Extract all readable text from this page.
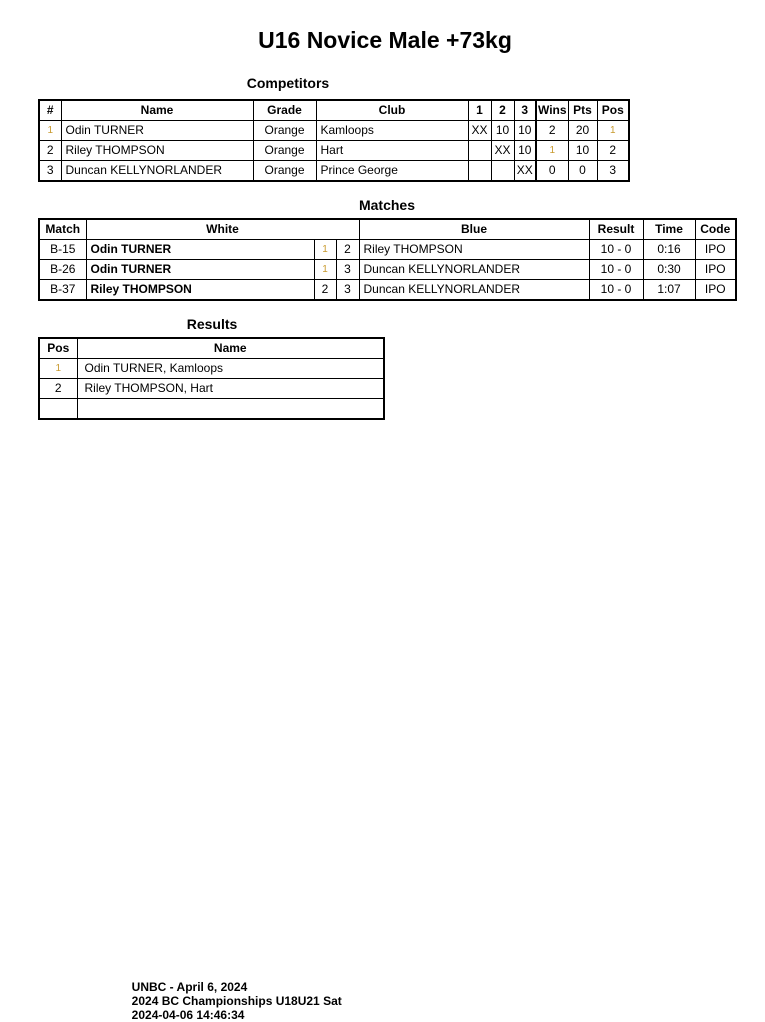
U16 Novice Male +73kg
Competitors
#	Name	Grade	Club	1	2	3	Wins	Pts	Pos
1	Odin TURNER	Orange	Kamloops	XX	10	10	2	20	1
2	Riley THOMPSON	Orange	Hart		XX	10	1	10	2
3	Duncan KELLYNORLANDER	Orange	Prince George			XX	0	0	3
Matches
Match	White			Blue	Result	Time	Code
B-15	Odin TURNER	1	2	Riley THOMPSON	10 - 0	0:16	IPO
B-26	Odin TURNER	1	3	Duncan KELLYNORLANDER	10 - 0	0:30	IPO
B-37	Riley THOMPSON	2	3	Duncan KELLYNORLANDER	10 - 0	1:07	IPO
Results
Pos	Name
1	Odin TURNER, Kamloops
2	Riley THOMPSON, Hart

UNBC - April 6, 2024
2024 BC Championships U18U21 Sat
2024-04-06 14:46:34
